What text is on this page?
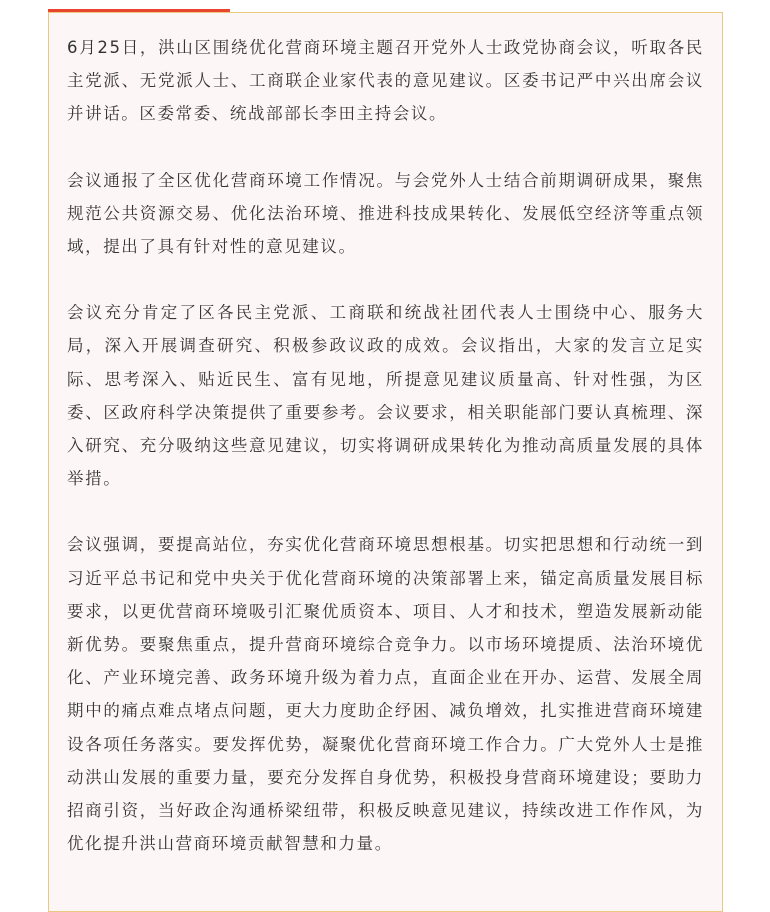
6月25日，洪山区围绕优化营商环境主题召开党外人士政党协商会议，听取各民主党派、无党派人士、工商联企业家代表的意见建议。区委书记严中兴出席会议并讲话。区委常委、统战部部长李田主持会议。

会议通报了全区优化营商环境工作情况。与会党外人士结合前期调研成果，聚焦规范公共资源交易、优化法治环境、推进科技成果转化、发展低空经济等重点领域，提出了具有针对性的意见建议。

会议充分肯定了区各民主党派、工商联和统战社团代表人士围绕中心、服务大局，深入开展调查研究、积极参政议政的成效。会议指出，大家的发言立足实际、思考深入、贴近民生、富有见地，所提意见建议质量高、针对性强，为区委、区政府科学决策提供了重要参考。会议要求，相关职能部门要认真梳理、深入研究、充分吸纳这些意见建议，切实将调研成果转化为推动高质量发展的具体举措。

会议强调，要提高站位，夯实优化营商环境思想根基。切实把思想和行动统一到习近平总书记和党中央关于优化营商环境的决策部署上来，锚定高质量发展目标要求，以更优营商环境吸引汇聚优质资本、项目、人才和技术，塑造发展新动能新优势。要聚焦重点，提升营商环境综合竞争力。以市场环境提质、法治环境优化、产业环境完善、政务环境升级为着力点，直面企业在开办、运营、发展全周期中的痛点难点堵点问题，更大力度助企纾困、减负增效，扎实推进营商环境建设各项任务落实。要发挥优势，凝聚优化营商环境工作合力。广大党外人士是推动洪山发展的重要力量，要充分发挥自身优势，积极投身营商环境建设；要助力招商引资，当好政企沟通桥梁纽带，积极反映意见建议，持续改进工作作风，为优化提升洪山营商环境贡献智慧和力量。
